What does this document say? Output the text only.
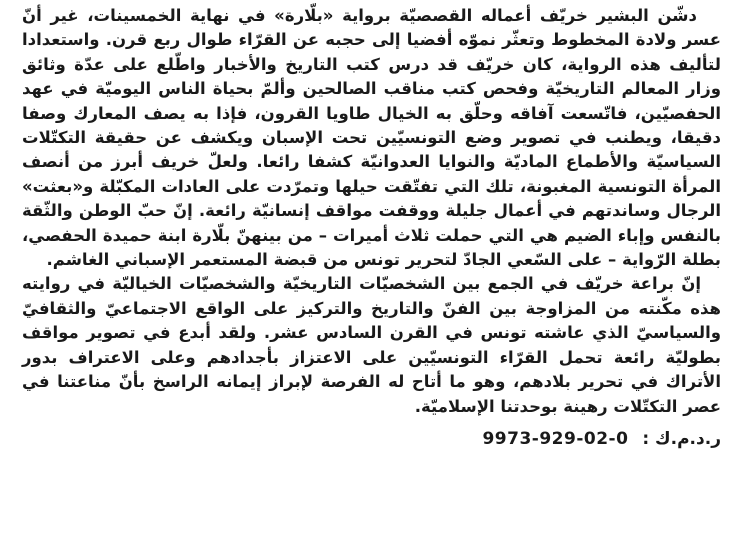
دشّن البشير خريّف أعماله القصصيّة برواية «بلّارة» في نهاية الخمسينات، غير أنّ عسر ولادة المخطوط وتعثّر نموّه أفضيا إلى حجبه عن القرّاء طوال ربع قرن. واستعدادا لتأليف هذه الرواية، كان خريّف قد درس كتب التاريخ والأخبار واطّلع على عدّة وثائق وزار المعالم التاريخيّة وفحص كتب مناقب الصالحين وألمّ بحياة الناس اليوميّة في عهد الحفصيّين، فاتّسعت آفاقه وحلّق به الخيال طاويا القرون، فإذا به يصف المعارك وصفا دقيقا، ويطنب في تصوير وضع التونسيّين تحت الإسبان ويكشف عن حقيقة التكتّلات السياسيّة والأطماع الماديّة والنوايا العدوانيّة كشفا رائعا. ولعلّ خريف أبرز من أنصف المرأة التونسية المغبونة، تلك التي تفتّقت حيلها وتمرّدت على العادات المكبّلة و«بعثت» الرجال وساندتهم في أعمال جليلة ووقفت مواقف إنسانيّة رائعة. إنّ حبّ الوطن والثّقة بالنفس وإباء الضيم هي التي حملت ثلاث أميرات – من بينهنّ بلّارة ابنة حميدة الحفصي، بطلة الرّواية – على السّعي الجادّ لتحرير تونس من قبضة المستعمر الإسباني الغاشم.

إنّ براعة خريّف في الجمع بين الشخصيّات التاريخيّة والشخصيّات الخياليّة في روايته هذه مكّنته من المزاوجة بين الفنّ والتاريخ والتركيز على الواقع الاجتماعيّ والثقافيّ والسياسيّ الذي عاشته تونس في القرن السادس عشر. ولقد أبدع في تصوير مواقف بطوليّة رائعة تحمل القرّاء التونسيّين على الاعتزاز بأجدادهم وعلى الاعتراف بدور الأتراك في تحرير بلادهم، وهو ما أتاح له الفرصة لإبراز إيمانه الراسخ بأنّ مناعتنا في عصر التكتّلات رهينة بوحدتنا الإسلاميّة.

ر.د.م.ك : 9973-929-02-0
